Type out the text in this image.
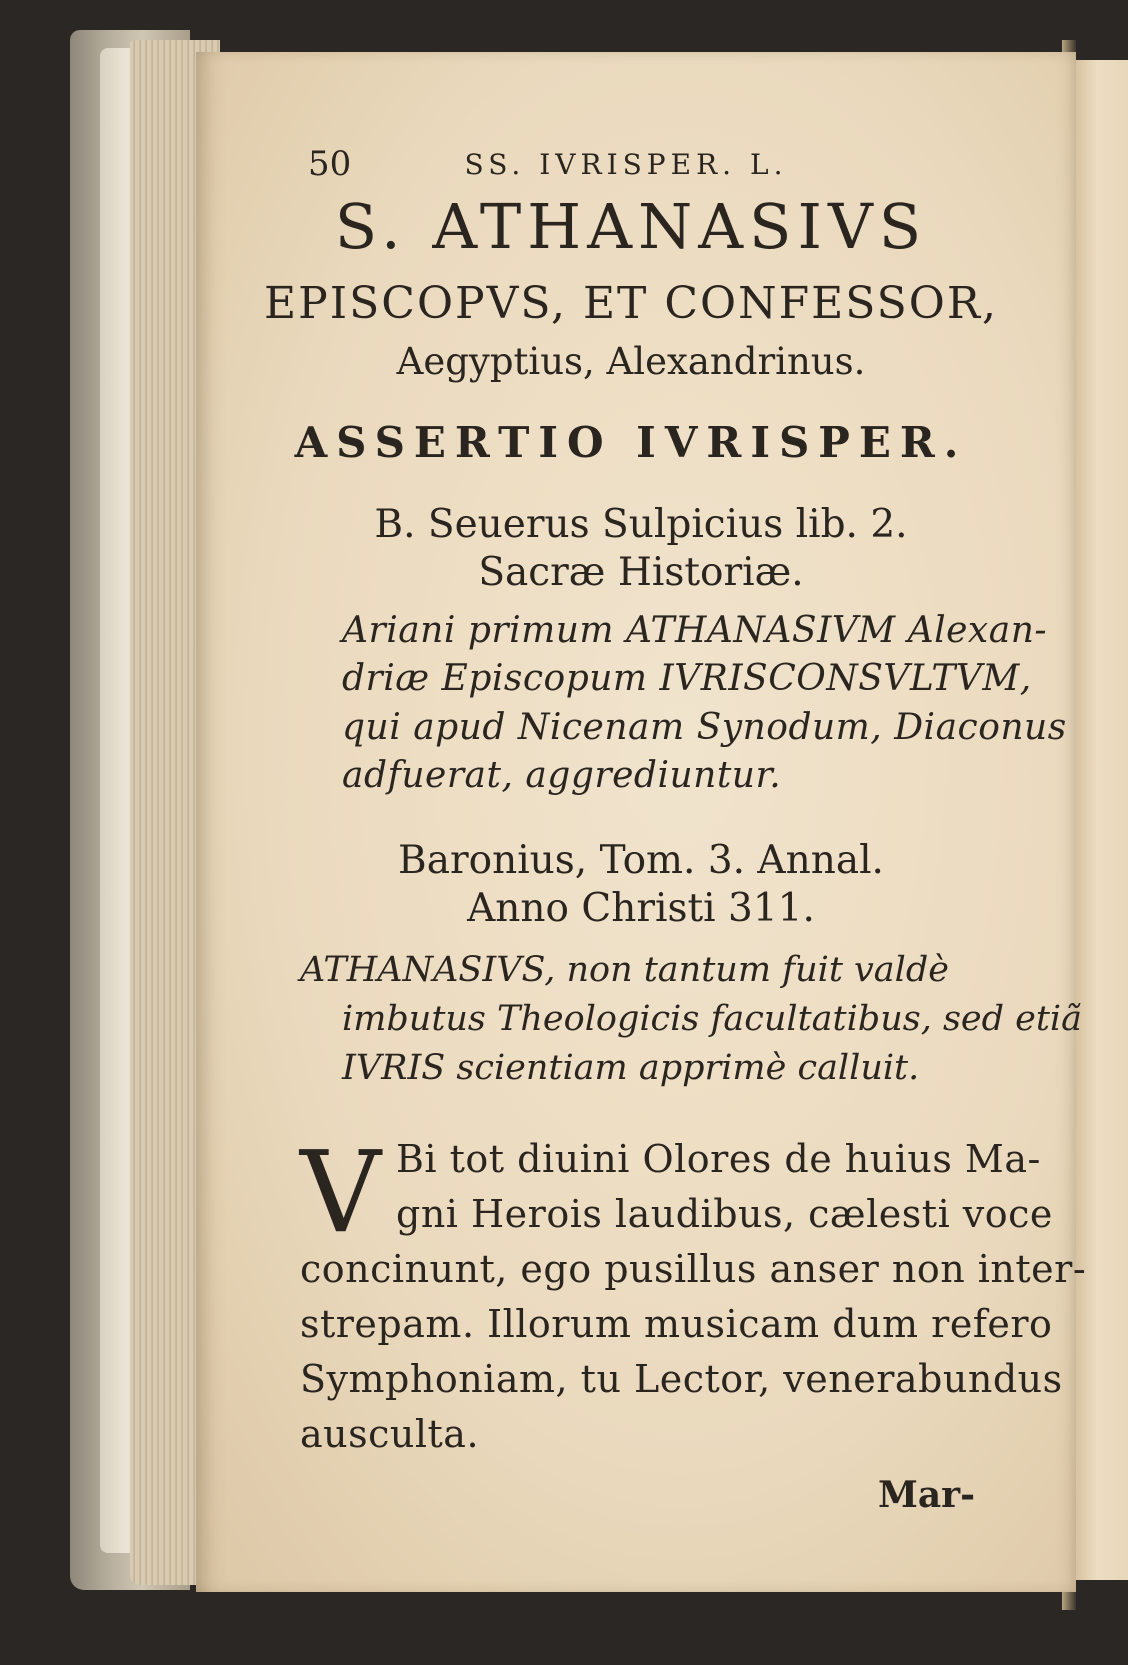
50	SS. IVRISPER. L.
S. ATHANASIVS
EPISCOPVS, ET CONFESSOR,
Aegyptius, Alexandrinus.
ASSERTIO IVRISPER.
B. Seuerus Sulpicius lib. 2.
Sacræ Historiæ.
Ariani primum ATHANASIVM Alexan-
driæ Episcopum IVRISCONSVLTVM,
qui apud Nicenam Synodum, Diaconus
adfuerat, aggrediuntur.
Baronius, Tom. 3. Annal.
Anno Christi 311.
ATHANASIVS, non tantum fuit valdè
imbutus Theologicis facultatibus, sed etiã
IVRIS scientiam apprimè calluit.
V Bi tot diuini Olores de huius Ma-
gni Herois laudibus, cælesti voce
concinunt, ego pusillus anser non inter-
strepam. Illorum musicam dum refero
Symphoniam, tu Lector, venerabundus
ausculta.
Mar-
